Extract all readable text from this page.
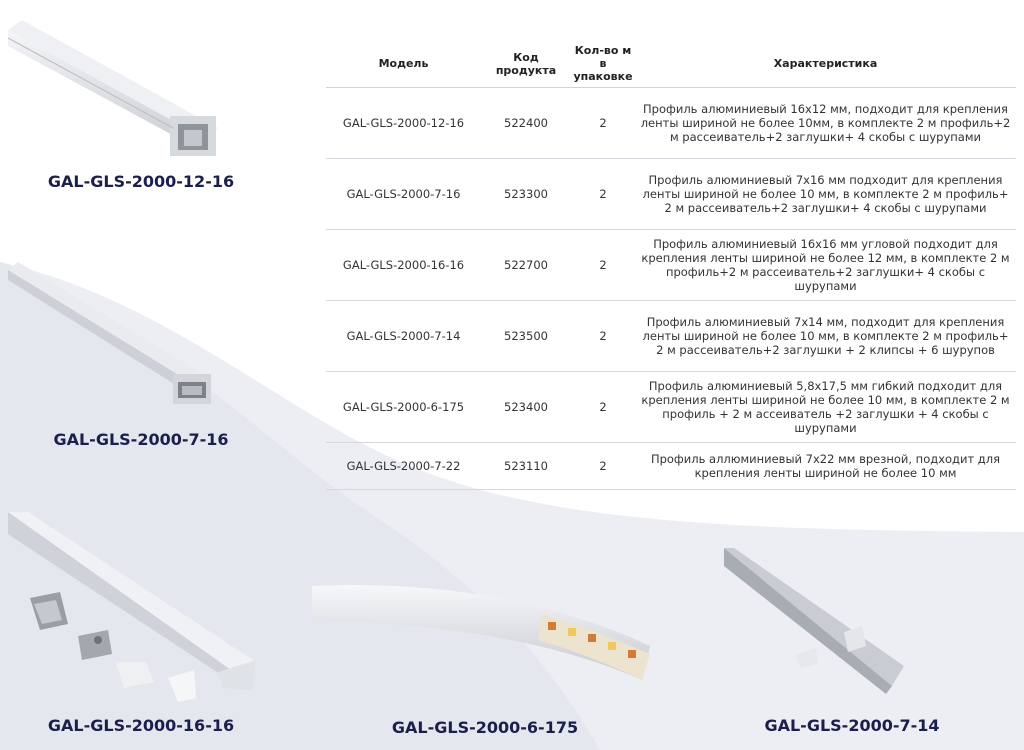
GAL-GLS-2000-12-16
GAL-GLS-2000-7-16
GAL-GLS-2000-16-16	GAL-GLS-2000-6-175	GAL-GLS-2000-7-14
Модель	Код продукта	Кол-во м в упаковке	Характеристика
GAL-GLS-2000-12-16	522400	2	Профиль алюминиевый 16x12 мм, подходит для крепления ленты шириной не более 10мм, в комплекте 2 м профиль+2 м рассеиватель+2 заглушки+ 4 скобы с шурупами
GAL-GLS-2000-7-16	523300	2	Профиль алюминиевый 7x16 мм подходит для крепления ленты шириной не более 10 мм, в комплекте 2 м профиль+ 2 м рассеиватель+2 заглушки+ 4 скобы с шурупами
GAL-GLS-2000-16-16	522700	2	Профиль алюминиевый 16x16 мм угловой подходит для крепления ленты шириной не более 12 мм, в комплекте 2 м профиль+2 м рассеиватель+2 заглушки+ 4 скобы с шурупами
GAL-GLS-2000-7-14	523500	2	Профиль алюминиевый 7x14 мм, подходит для крепления ленты шириной не более 10 мм, в комплекте 2 м профиль+ 2 м рассеиватель+2 заглушки + 2 клипсы + 6 шурупов
GAL-GLS-2000-6-175	523400	2	Профиль алюминиевый 5,8x17,5 мм гибкий подходит для крепления ленты шириной не более 10 мм, в комплекте 2 м профиль + 2 м ассеиватель +2 заглушки + 4 скобы с шурупами
GAL-GLS-2000-7-22	523110	2	Профиль аллюминиевый 7x22 мм врезной, подходит для крепления ленты шириной не более 10 мм
